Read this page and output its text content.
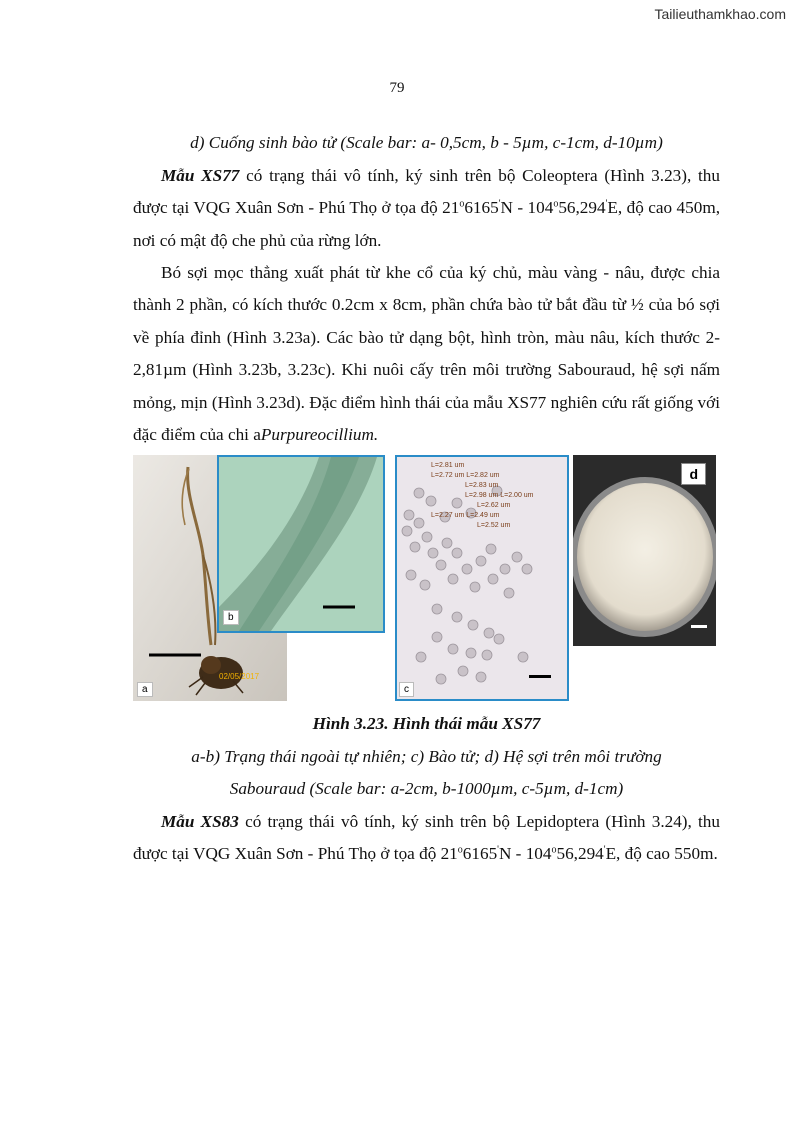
Tailieuthamkhao.com
79

d) Cuống sinh bào tử (Scale bar: a- 0,5cm, b - 5µm, c-1cm, d-10µm)

Mẫu XS77 có trạng thái vô tính, ký sinh trên bộ Coleoptera (Hình 3.23), thu được tại VQG Xuân Sơn - Phú Thọ ở tọa độ 21$^o$6165'N - 104$^o$56,294'E, độ cao 450m, nơi có mật độ che phủ của rừng lớn.

Bó sợi mọc thẳng xuất phát từ khe cổ của ký chủ, màu vàng - nâu, được chia thành 2 phần, có kích thước 0.2cm x 8cm, phần chứa bào tử bắt đầu từ ½ của bó sợi về phía đỉnh (Hình 3.23a). Các bào tử dạng bột, hình tròn, màu nâu, kích thước 2-2,81µm (Hình 3.23b, 3.23c). Khi nuôi cấy trên môi trường Sabouraud, hệ sợi nấm mỏng, mịn (Hình 3.23d). Đặc điểm hình thái của mẫu XS77 nghiên cứu rất giống với đặc điểm của chi aPurpureocillium.

a
02/05/2017
b
L=2.81 um
L=2.72 um L=2.82 um
L=2.83 um
L=2.98 um L=2.00 um
L=2.62 um
L=2.27 um L=2.49 um
L=2.52 um
c
d
Hình 3.23. Hình thái mẫu XS77

a-b) Trạng thái ngoài tự nhiên; c) Bào tử; d) Hệ sợi trên môi trường

Sabouraud (Scale bar: a-2cm, b-1000µm, c-5µm, d-1cm)

Mẫu XS83 có trạng thái vô tính, ký sinh trên bộ Lepidoptera (Hình 3.24), thu được tại VQG Xuân Sơn - Phú Thọ ở tọa độ 21$^o$6165'N - 104$^o$56,294'E, độ cao 550m.
